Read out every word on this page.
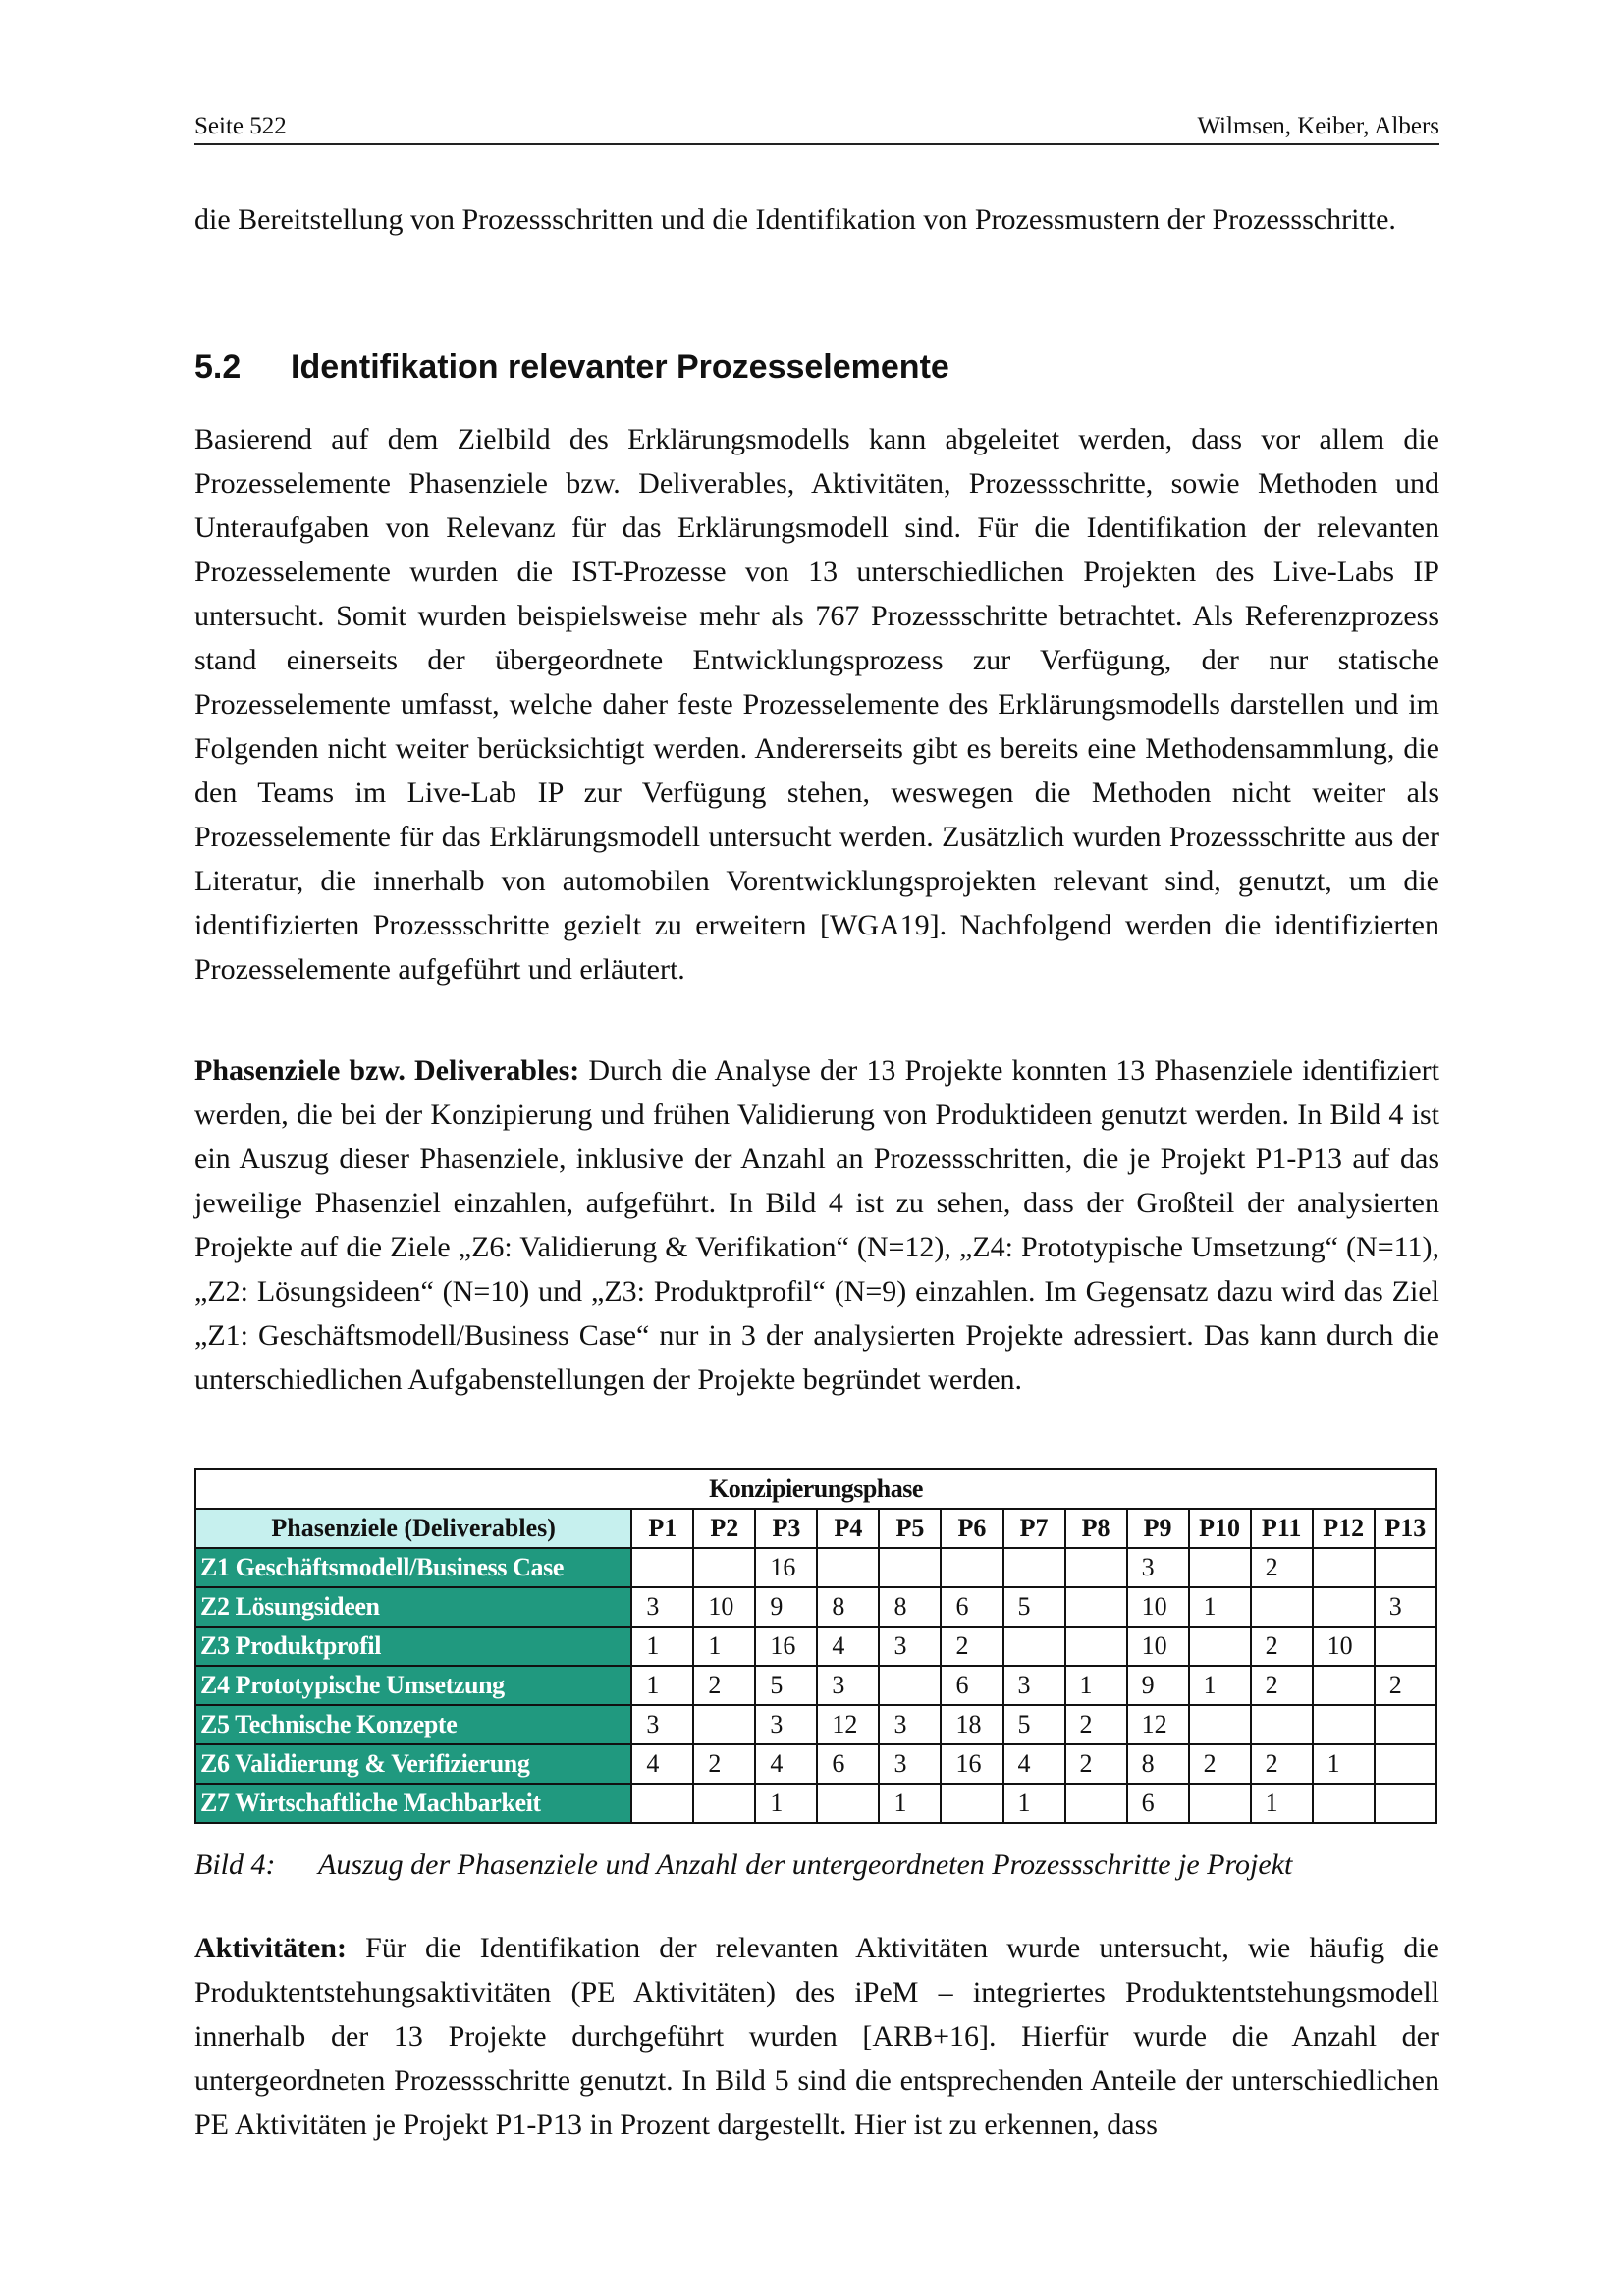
Seite 522	Wilmsen, Keiber, Albers

die Bereitstellung von Prozessschritten und die Identifikation von Prozessmustern der Prozessschritte.

5.2 Identifikation relevanter Prozesselemente

Basierend auf dem Zielbild des Erklärungsmodells kann abgeleitet werden, dass vor allem die Prozesselemente Phasenziele bzw. Deliverables, Aktivitäten, Prozessschritte, sowie Methoden und Unteraufgaben von Relevanz für das Erklärungsmodell sind. Für die Identifikation der relevanten Prozesselemente wurden die IST-Prozesse von 13 unterschiedlichen Projekten des Live-Labs IP untersucht. Somit wurden beispielsweise mehr als 767 Prozessschritte betrachtet. Als Referenzprozess stand einerseits der übergeordnete Entwicklungsprozess zur Verfügung, der nur statische Prozesselemente umfasst, welche daher feste Prozesselemente des Erklärungsmodells darstellen und im Folgenden nicht weiter berücksichtigt werden. Andererseits gibt es bereits eine Methodensammlung, die den Teams im Live-Lab IP zur Verfügung stehen, weswegen die Methoden nicht weiter als Prozesselemente für das Erklärungsmodell untersucht werden. Zusätzlich wurden Prozessschritte aus der Literatur, die innerhalb von automobilen Vorentwicklungsprojekten relevant sind, genutzt, um die identifizierten Prozessschritte gezielt zu erweitern [WGA19]. Nachfolgend werden die identifizierten Prozesselemente aufgeführt und erläutert.

Phasenziele bzw. Deliverables: Durch die Analyse der 13 Projekte konnten 13 Phasenziele identifiziert werden, die bei der Konzipierung und frühen Validierung von Produktideen genutzt werden. In Bild 4 ist ein Auszug dieser Phasenziele, inklusive der Anzahl an Prozessschritten, die je Projekt P1-P13 auf das jeweilige Phasenziel einzahlen, aufgeführt. In Bild 4 ist zu sehen, dass der Großteil der analysierten Projekte auf die Ziele „Z6: Validierung & Verifikation“ (N=12), „Z4: Prototypische Umsetzung“ (N=11), „Z2: Lösungsideen“ (N=10) und „Z3: Produktprofil“ (N=9) einzahlen. Im Gegensatz dazu wird das Ziel „Z1: Geschäftsmodell/Business Case“ nur in 3 der analysierten Projekte adressiert. Das kann durch die unterschiedlichen Aufgabenstellungen der Projekte begründet werden.

Konzipierungsphase													
Phasenziele (Deliverables)	P1	P2	P3	P4	P5	P6	P7	P8	P9	P10	P11	P12	P13
Z1 Geschäftsmodell/Business Case			16						3		2		
Z2 Lösungsideen	3	10	9	8	8	6	5		10	1			3
Z3 Produktprofil	1	1	16	4	3	2			10		2	10	
Z4 Prototypische Umsetzung	1	2	5	3		6	3	1	9	1	2		2
Z5 Technische Konzepte	3		3	12	3	18	5	2	12				
Z6 Validierung & Verifizierung	4	2	4	6	3	16	4	2	8	2	2	1	
Z7 Wirtschaftliche Machbarkeit			1		1		1		6		1		

Bild 4: Auszug der Phasenziele und Anzahl der untergeordneten Prozessschritte je Projekt

Aktivitäten: Für die Identifikation der relevanten Aktivitäten wurde untersucht, wie häufig die Produktentstehungsaktivitäten (PE Aktivitäten) des iPeM – integriertes Produktentstehungsmodell innerhalb der 13 Projekte durchgeführt wurden [ARB+16]. Hierfür wurde die Anzahl der untergeordneten Prozessschritte genutzt. In Bild 5 sind die entsprechenden Anteile der unterschiedlichen PE Aktivitäten je Projekt P1-P13 in Prozent dargestellt. Hier ist zu erkennen, dass
